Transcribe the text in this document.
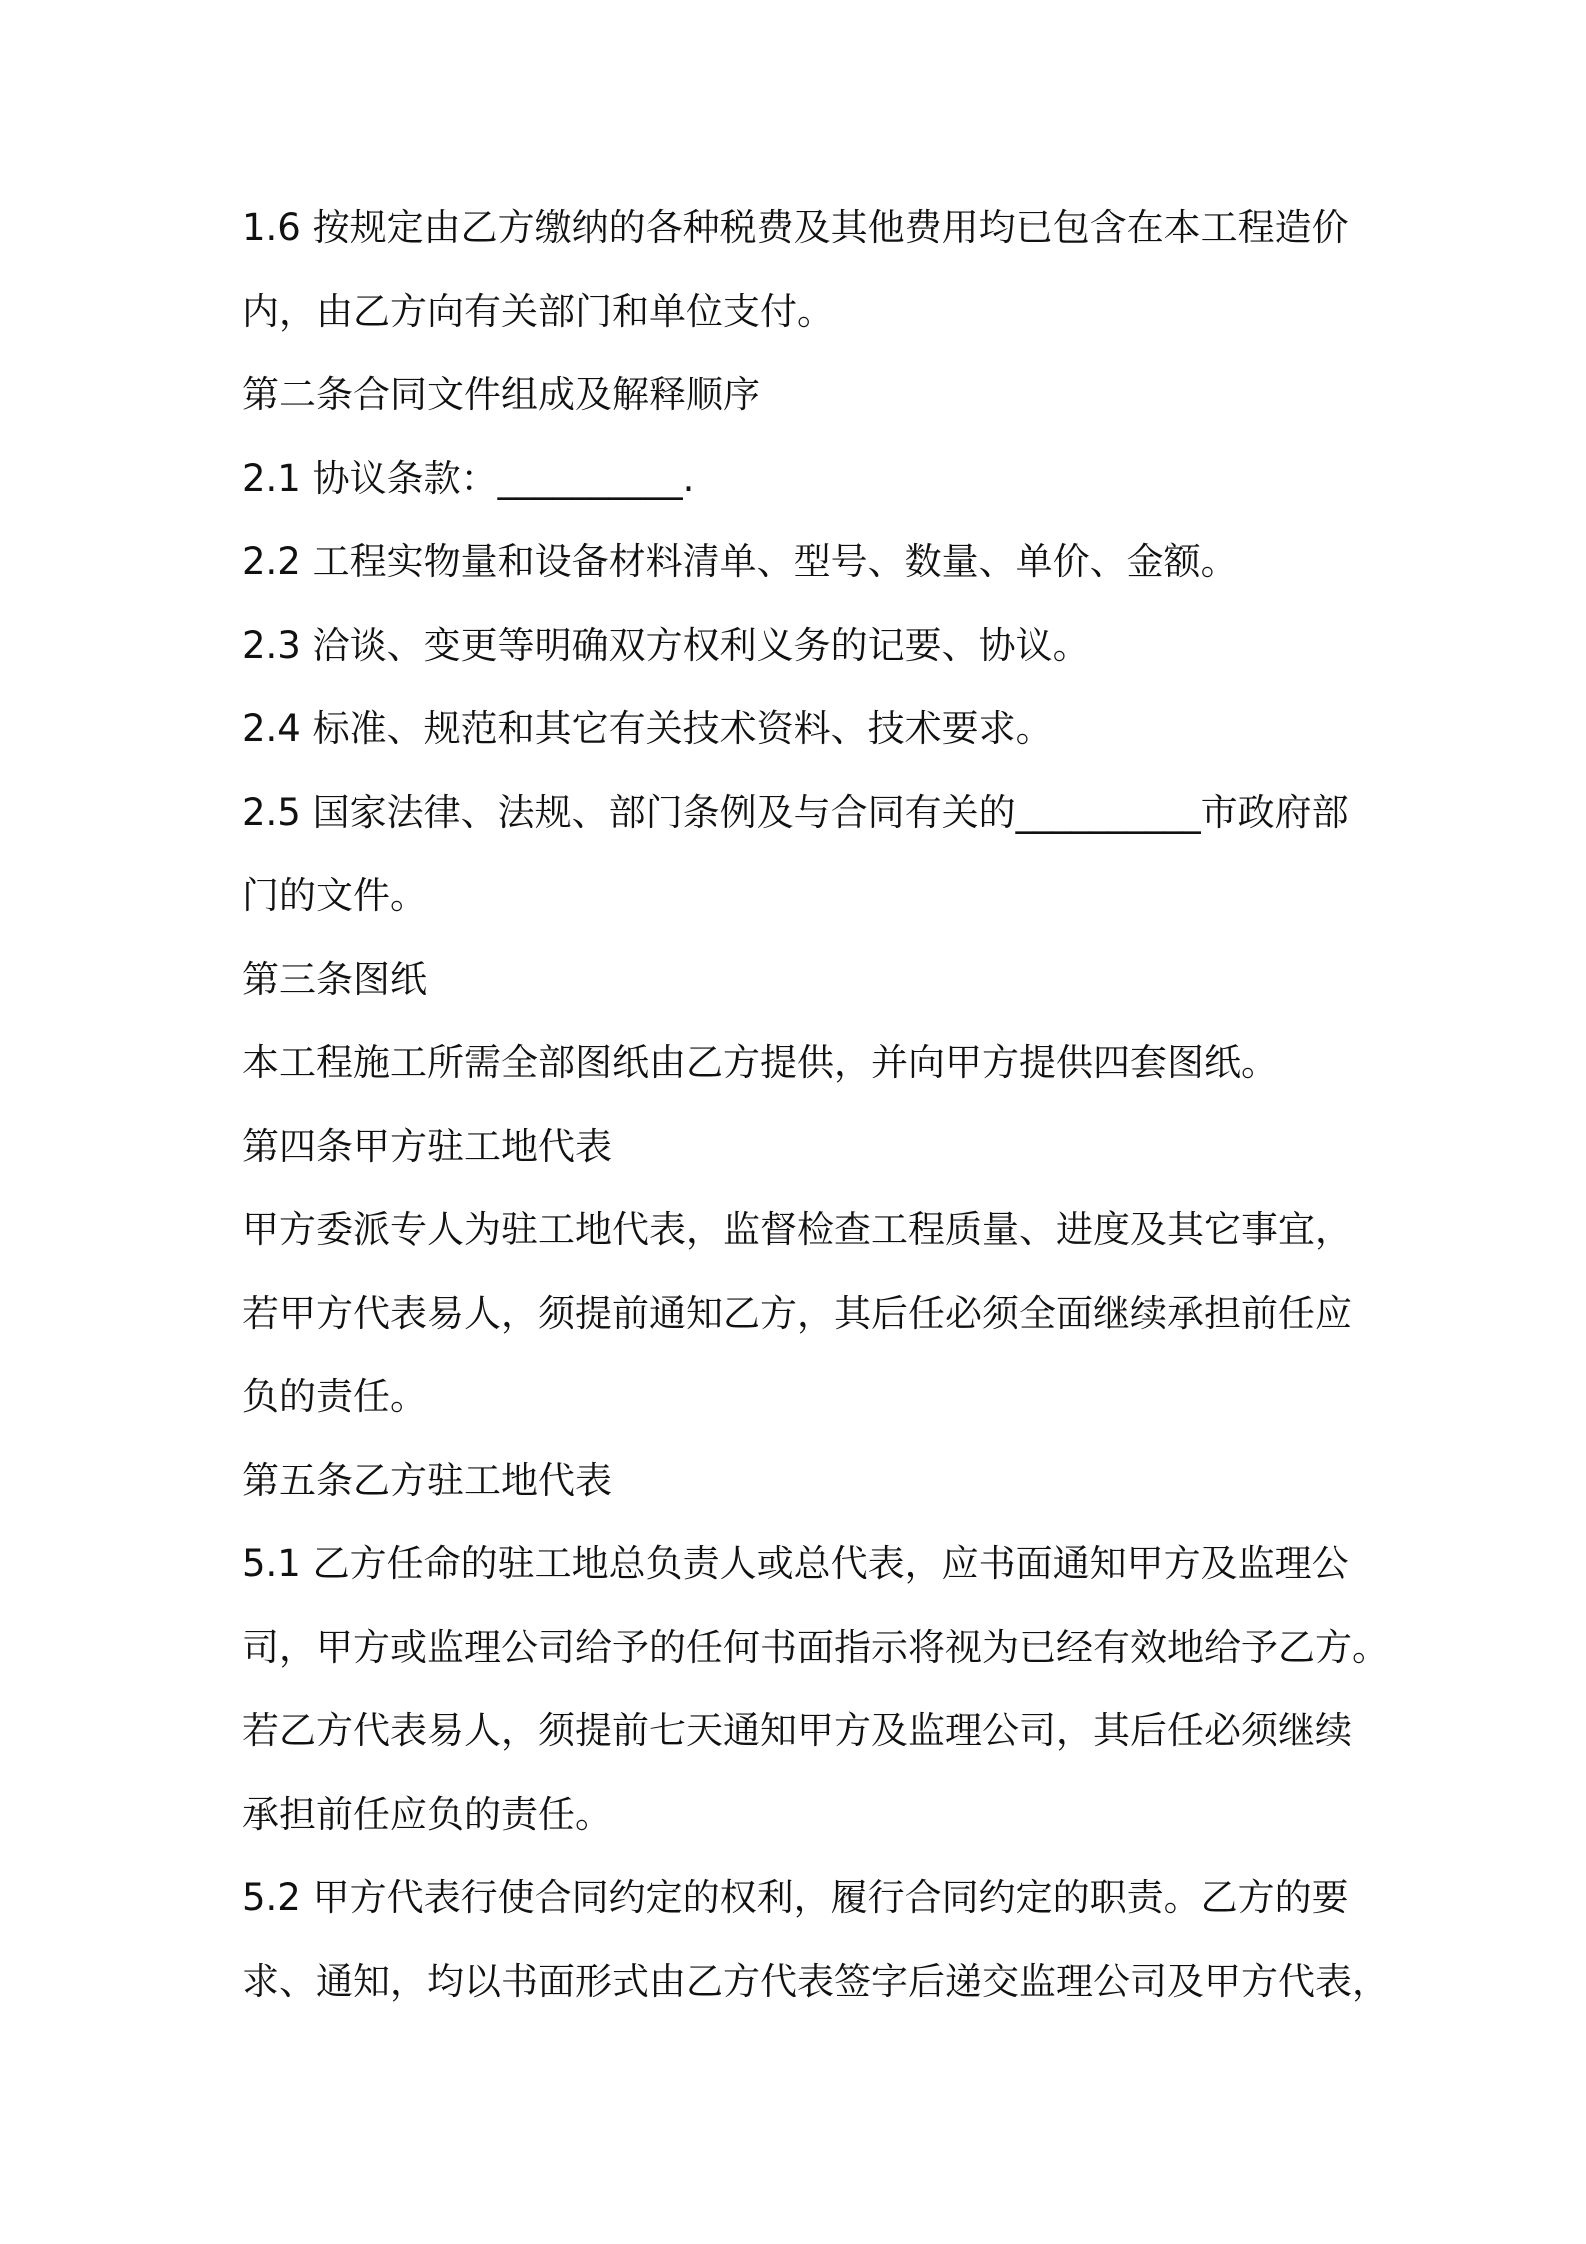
1.6 按规定由乙方缴纳的各种税费及其他费用均已包含在本工程造价
内，由乙方向有关部门和单位支付。
第二条合同文件组成及解释顺序
2.1 协议条款：__________.
2.2 工程实物量和设备材料清单、型号、数量、单价、金额。
2.3 洽谈、变更等明确双方权利义务的记要、协议。
2.4 标准、规范和其它有关技术资料、技术要求。
2.5 国家法律、法规、部门条例及与合同有关的__________市政府部
门的文件。
第三条图纸
本工程施工所需全部图纸由乙方提供，并向甲方提供四套图纸。
第四条甲方驻工地代表
甲方委派专人为驻工地代表，监督检查工程质量、进度及其它事宜，
若甲方代表易人，须提前通知乙方，其后任必须全面继续承担前任应
负的责任。
第五条乙方驻工地代表
5.1 乙方任命的驻工地总负责人或总代表，应书面通知甲方及监理公
司，甲方或监理公司给予的任何书面指示将视为已经有效地给予乙方。
若乙方代表易人，须提前七天通知甲方及监理公司，其后任必须继续
承担前任应负的责任。
5.2 甲方代表行使合同约定的权利，履行合同约定的职责。乙方的要
求、通知，均以书面形式由乙方代表签字后递交监理公司及甲方代表，
